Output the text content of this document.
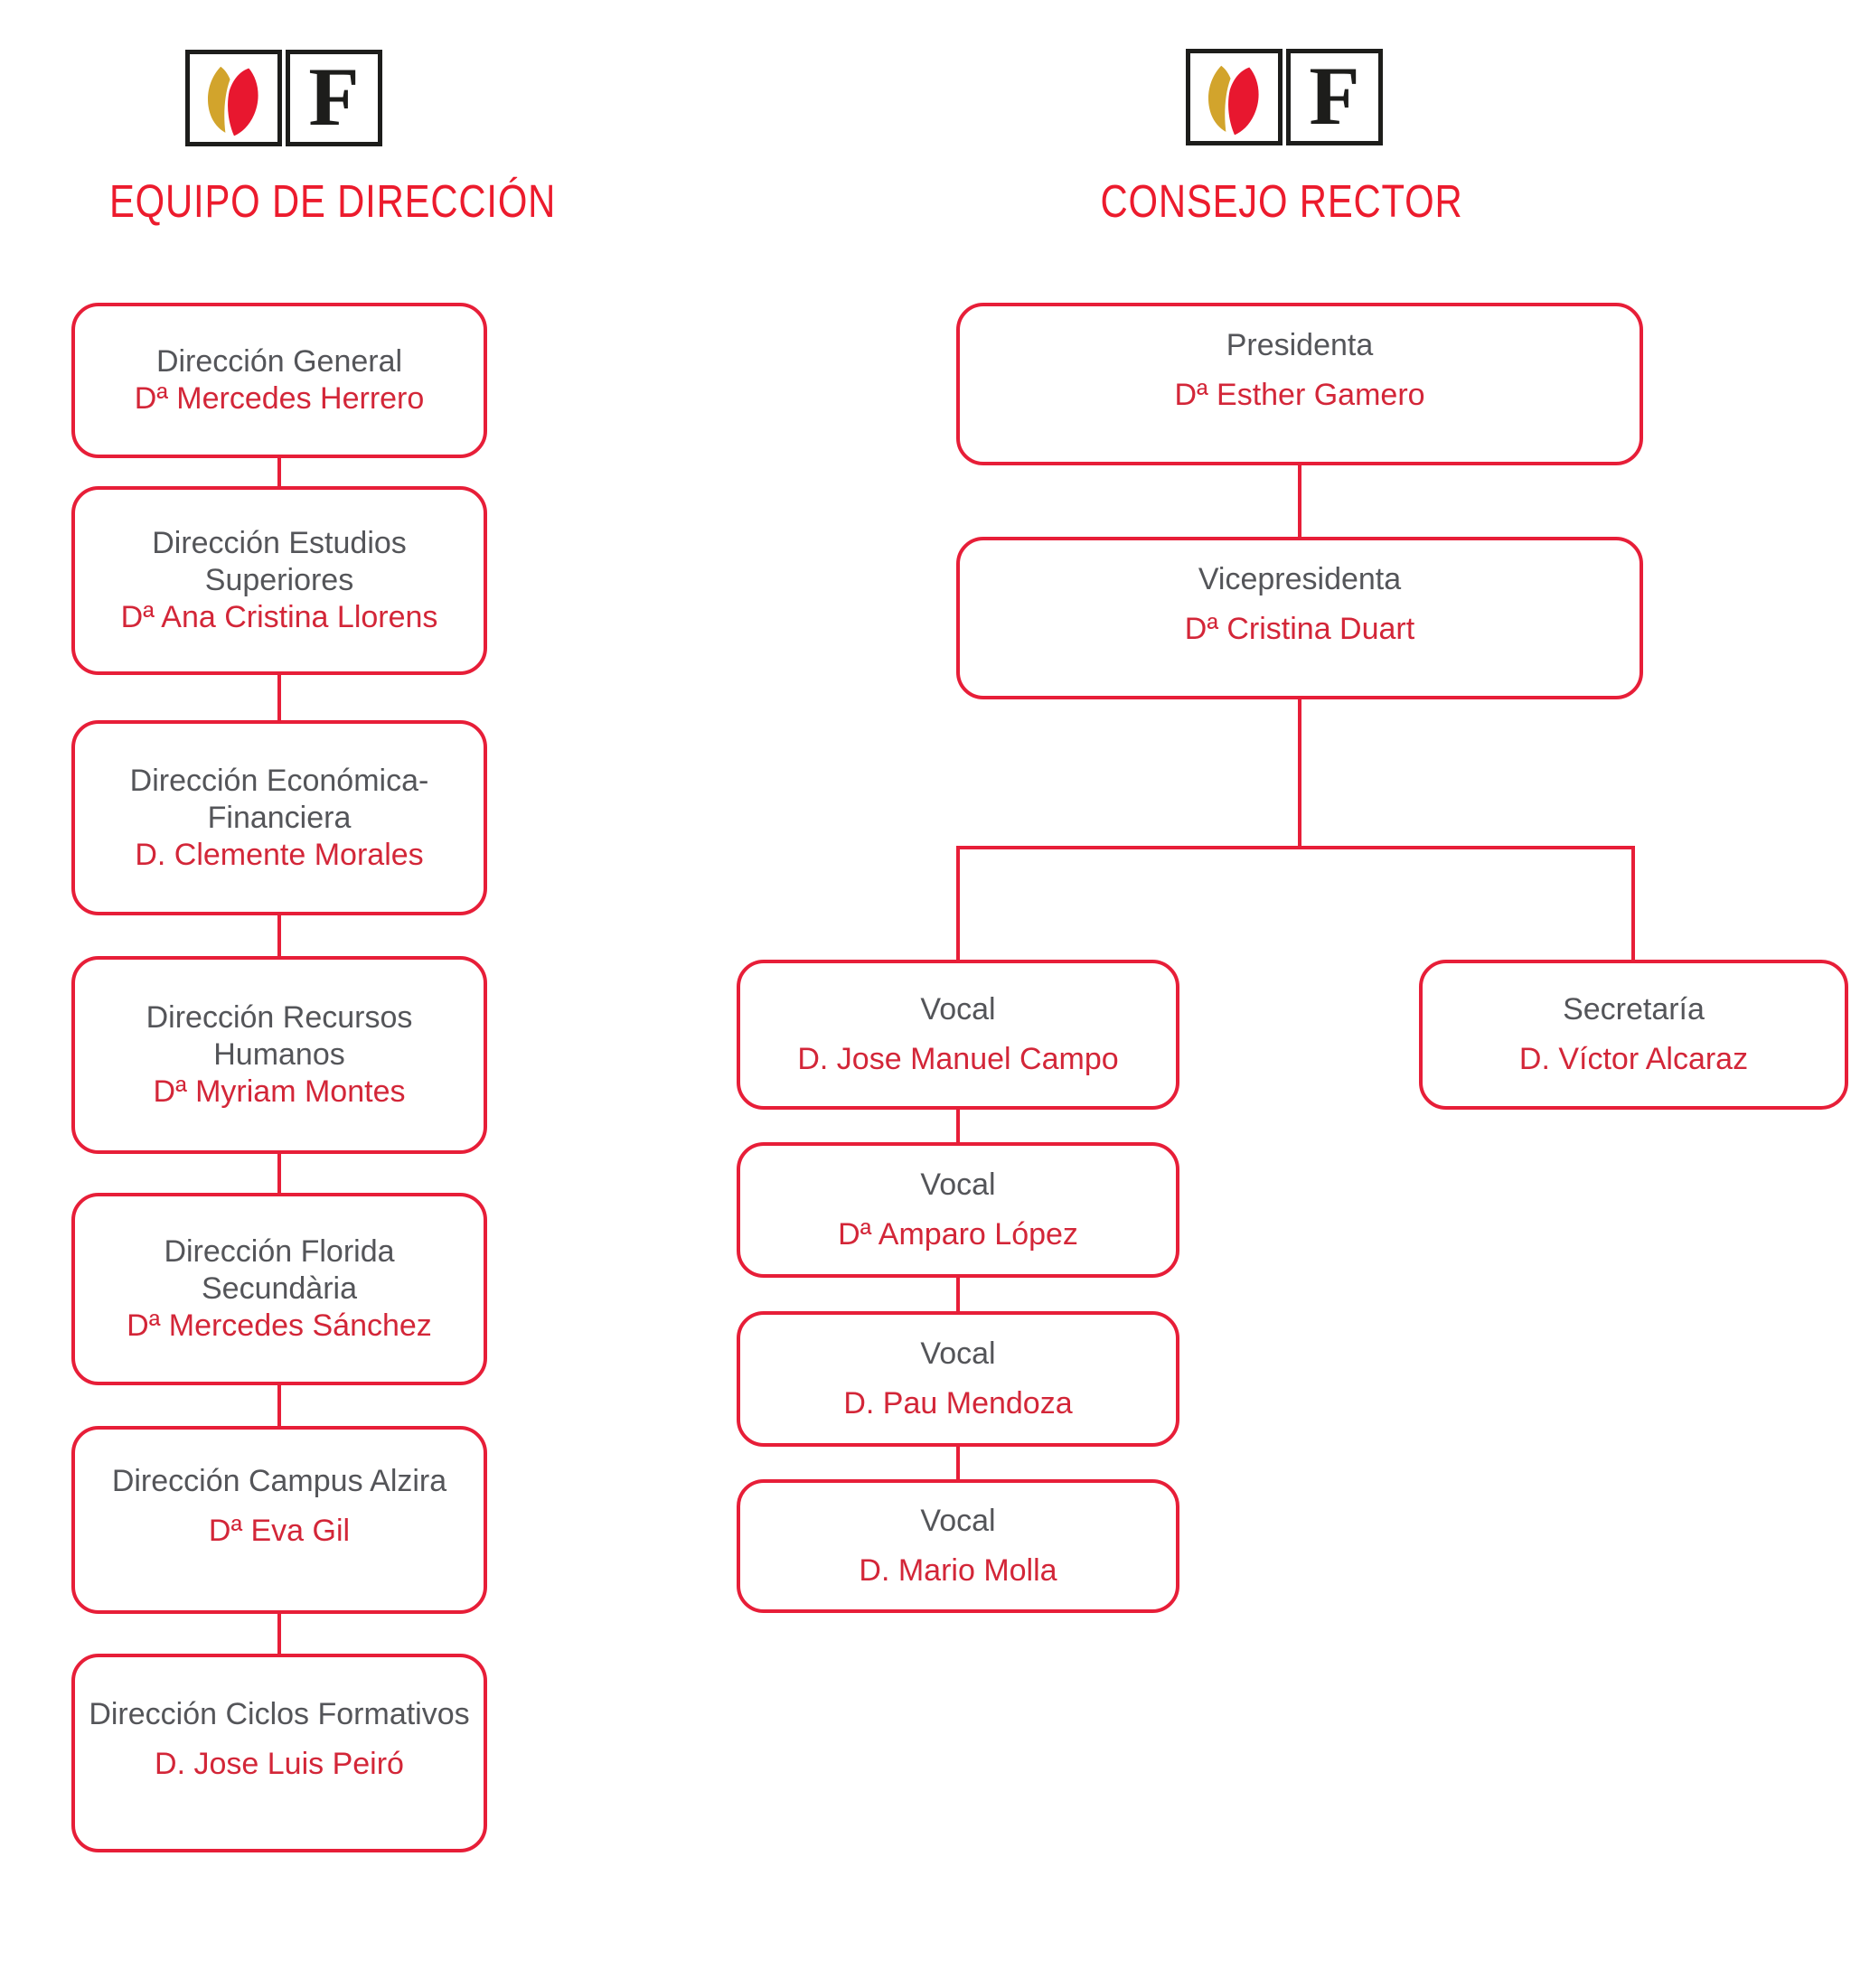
F
EQUIPO DE DIRECCIÓN
F
CONSEJO RECTOR
Dirección General
Dª Mercedes Herrero
Dirección Estudios
Superiores
Dª Ana Cristina Llorens
Dirección Económica-
Financiera
D. Clemente Morales
Dirección Recursos
Humanos
Dª Myriam Montes
Dirección Florida
Secundària
Dª Mercedes Sánchez
Dirección Campus Alzira
Dª Eva Gil
Dirección Ciclos Formativos
D. Jose Luis Peiró
Presidenta
Dª Esther Gamero
Vicepresidenta
Dª Cristina Duart
Vocal
D. Jose Manuel Campo
Secretaría
D. Víctor Alcaraz
Vocal
Dª Amparo López
Vocal
D. Pau Mendoza
Vocal
D. Mario Molla
